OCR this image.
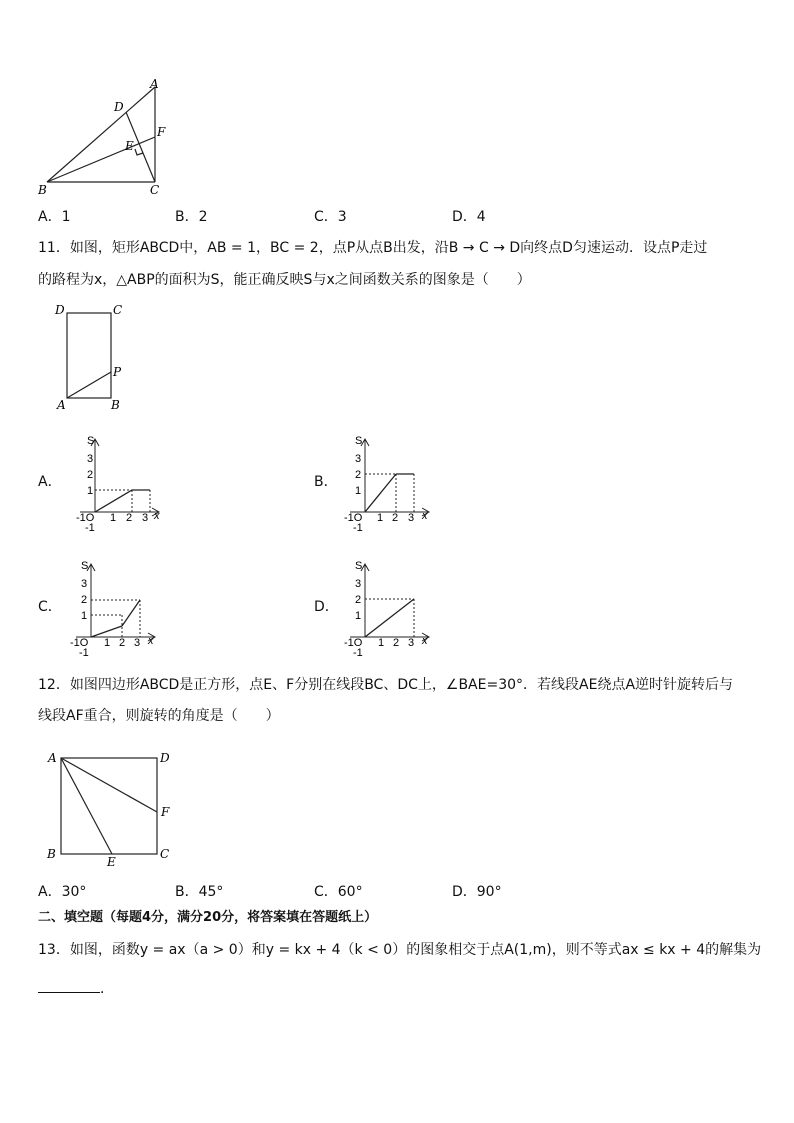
A
D
F
E
B	C
A．1	B．2	C．3	D．4
11．如图，矩形ABCD中，AB = 1，BC = 2，点P从点B出发，沿B → C → D向终点D匀速运动．设点P走过
的路程为x，△ABP的面积为S，能正确反映S与x之间函数关系的图象是（　　）
D	C
P
A	B
A．	B．
C．	D．
S
3
2
1
-1O
-1
1 2 3 x
S
3
2
1
-1O
-1
1 2 3 x
S
3
2
1
-1O
-1
1 2 3 x
S
3
2
1
-1O
-1
1 2 3 x
12．如图四边形ABCD是正方形，点E、F分别在线段BC、DC上，∠BAE=30°．若线段AE绕点A逆时针旋转后与
线段AF重合，则旋转的角度是（　　）
A	D
F
B
E
C
A．30°	B．45°	C．60°	D．90°
二、填空题（每题4分，满分20分，将答案填在答题纸上）
13．如图，函数y = ax（a > 0）和y = kx + 4（k < 0）的图象相交于点A(1,m)，则不等式ax ≤ kx + 4的解集为
．
